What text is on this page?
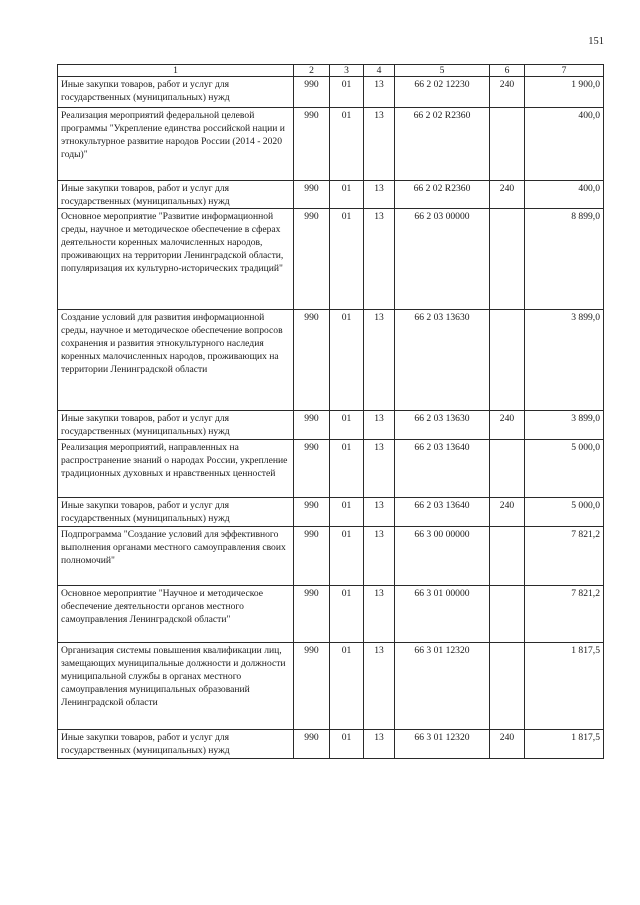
151
1	2	3	4	5	6	7
Иные закупки товаров, работ и услуг для государственных (муниципальных) нужд	990	01	13	66 2 02 12230	240	1 900,0
Реализация мероприятий федеральной целевой программы "Укрепление единства российской нации и этнокультурное развитие народов России (2014 - 2020 годы)"	990	01	13	66 2 02 R2360		400,0
Иные закупки товаров, работ и услуг для государственных (муниципальных) нужд	990	01	13	66 2 02 R2360	240	400,0
Основное мероприятие "Развитие информационной среды, научное и методическое обеспечение в сферах деятельности коренных малочисленных народов, проживающих на территории Ленинградской области, популяризация их культурно-исторических традиций"	990	01	13	66 2 03 00000		8 899,0
Создание условий для развития информационной среды, научное и методическое обеспечение вопросов сохранения и развития этнокультурного наследия коренных малочисленных народов, проживающих на территории Ленинградской области	990	01	13	66 2 03 13630		3 899,0
Иные закупки товаров, работ и услуг для государственных (муниципальных) нужд	990	01	13	66 2 03 13630	240	3 899,0
Реализация мероприятий, направленных на распространение знаний о народах России, укрепление традиционных духовных и нравственных ценностей	990	01	13	66 2 03 13640		5 000,0
Иные закупки товаров, работ и услуг для государственных (муниципальных) нужд	990	01	13	66 2 03 13640	240	5 000,0
Подпрограмма "Создание условий для эффективного выполнения органами местного самоуправления своих полномочий"	990	01	13	66 3 00 00000		7 821,2
Основное мероприятие "Научное и методическое обеспечение деятельности органов местного самоуправления Ленинградской области"	990	01	13	66 3 01 00000		7 821,2
Организация системы повышения квалификации лиц, замещающих муниципальные должности и должности муниципальной службы в органах местного самоуправления муниципальных образований Ленинградской области	990	01	13	66 3 01 12320		1 817,5
Иные закупки товаров, работ и услуг для государственных (муниципальных) нужд	990	01	13	66 3 01 12320	240	1 817,5
